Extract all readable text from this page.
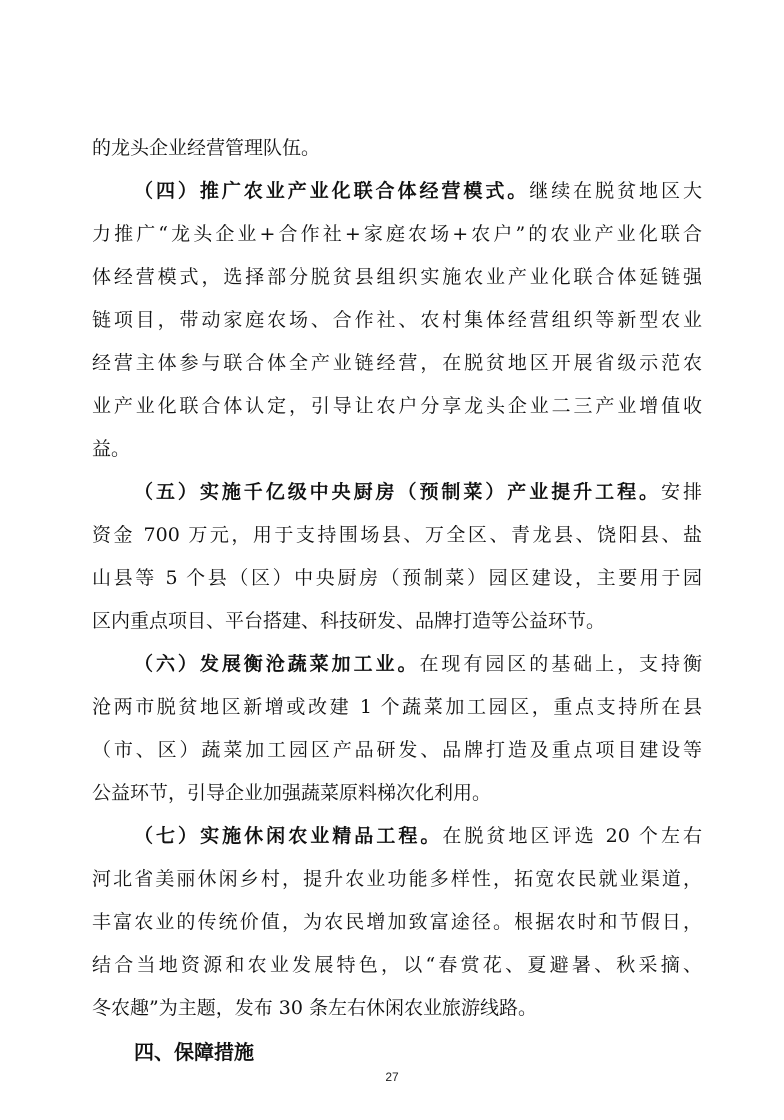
的龙头企业经营管理队伍。
（四）推广农业产业化联合体经营模式。继续在脱贫地区大
力推广“龙头企业+合作社+家庭农场+农户”的农业产业化联合
体经营模式，选择部分脱贫县组织实施农业产业化联合体延链强
链项目，带动家庭农场、合作社、农村集体经营组织等新型农业
经营主体参与联合体全产业链经营，在脱贫地区开展省级示范农
业产业化联合体认定，引导让农户分享龙头企业二三产业增值收
益。
（五）实施千亿级中央厨房（预制菜）产业提升工程。安排
资金 700 万元，用于支持围场县、万全区、青龙县、饶阳县、盐
山县等 5 个县（区）中央厨房（预制菜）园区建设，主要用于园
区内重点项目、平台搭建、科技研发、品牌打造等公益环节。
（六）发展衡沧蔬菜加工业。在现有园区的基础上，支持衡
沧两市脱贫地区新增或改建 1 个蔬菜加工园区，重点支持所在县
（市、区）蔬菜加工园区产品研发、品牌打造及重点项目建设等
公益环节，引导企业加强蔬菜原料梯次化利用。
（七）实施休闲农业精品工程。在脱贫地区评选 20 个左右
河北省美丽休闲乡村，提升农业功能多样性，拓宽农民就业渠道，
丰富农业的传统价值，为农民增加致富途径。根据农时和节假日，
结合当地资源和农业发展特色，以“春赏花、夏避暑、秋采摘、
冬农趣”为主题，发布 30 条左右休闲农业旅游线路。
四、保障措施
27
